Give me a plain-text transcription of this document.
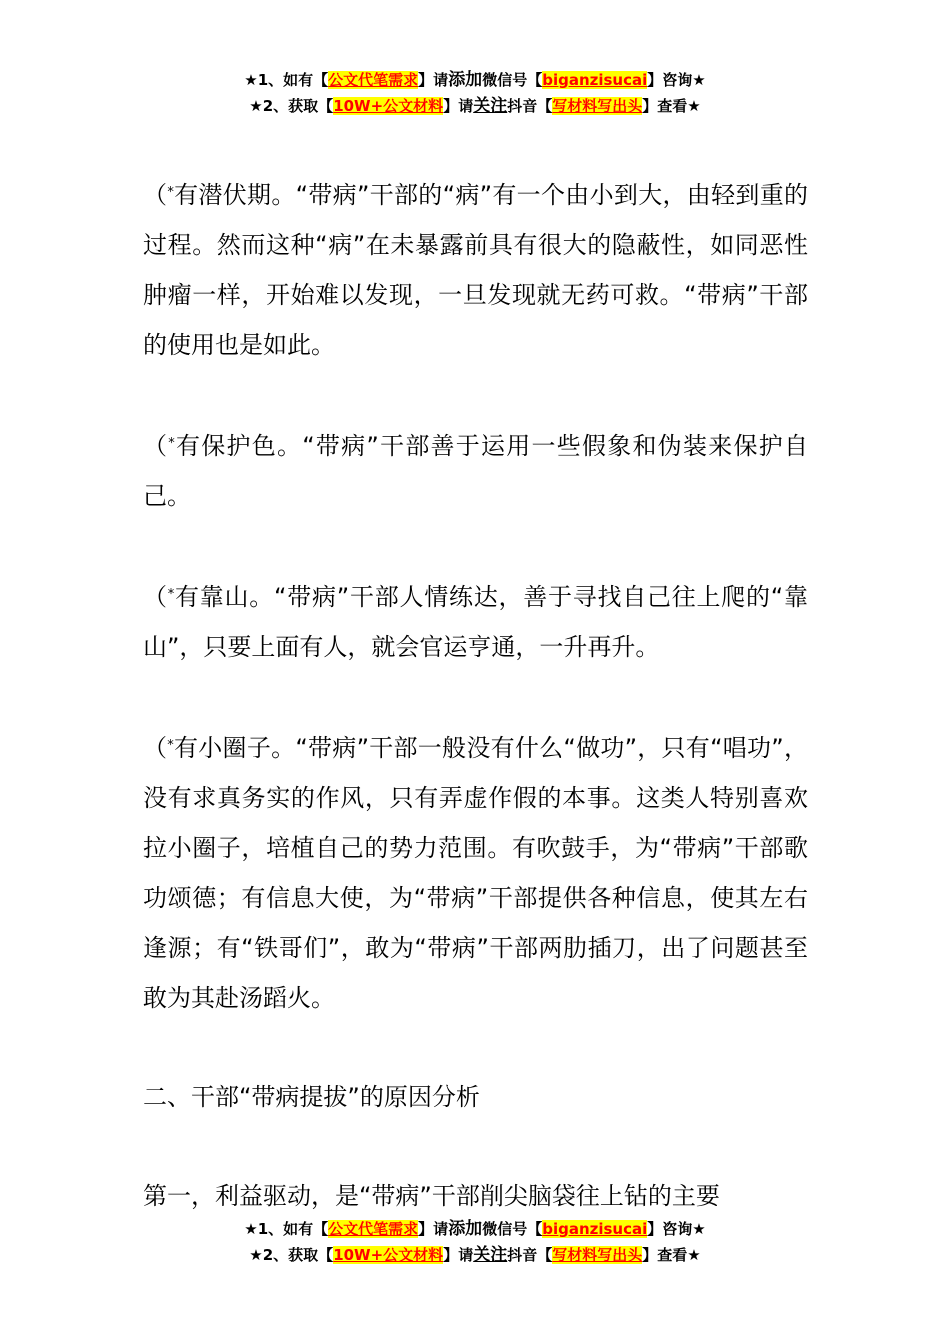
★1、如有【公文代笔需求】请添加微信号【biganzisucai】咨询★
★2、获取【10W+公文材料】请关注抖音【写材料写出头】查看★

（*有潜伏期。“带病”干部的“病”有一个由小到大，由轻到重的过程。然而这种“病”在未暴露前具有很大的隐蔽性，如同恶性肿瘤一样，开始难以发现，一旦发现就无药可救。“带病”干部的使用也是如此。

（*有保护色。“带病”干部善于运用一些假象和伪装来保护自己。

（*有靠山。“带病”干部人情练达，善于寻找自己往上爬的“靠山”，只要上面有人，就会官运亨通，一升再升。

（*有小圈子。“带病”干部一般没有什么“做功”，只有“唱功”，没有求真务实的作风，只有弄虚作假的本事。这类人特别喜欢拉小圈子，培植自己的势力范围。有吹鼓手，为“带病”干部歌功颂德；有信息大使，为“带病”干部提供各种信息，使其左右逢源；有“铁哥们”，敢为“带病”干部两肋插刀，出了问题甚至敢为其赴汤蹈火。

二、干部“带病提拔”的原因分析

第一，利益驱动，是“带病”干部削尖脑袋往上钻的主要

★1、如有【公文代笔需求】请添加微信号【biganzisucai】咨询★
★2、获取【10W+公文材料】请关注抖音【写材料写出头】查看★
